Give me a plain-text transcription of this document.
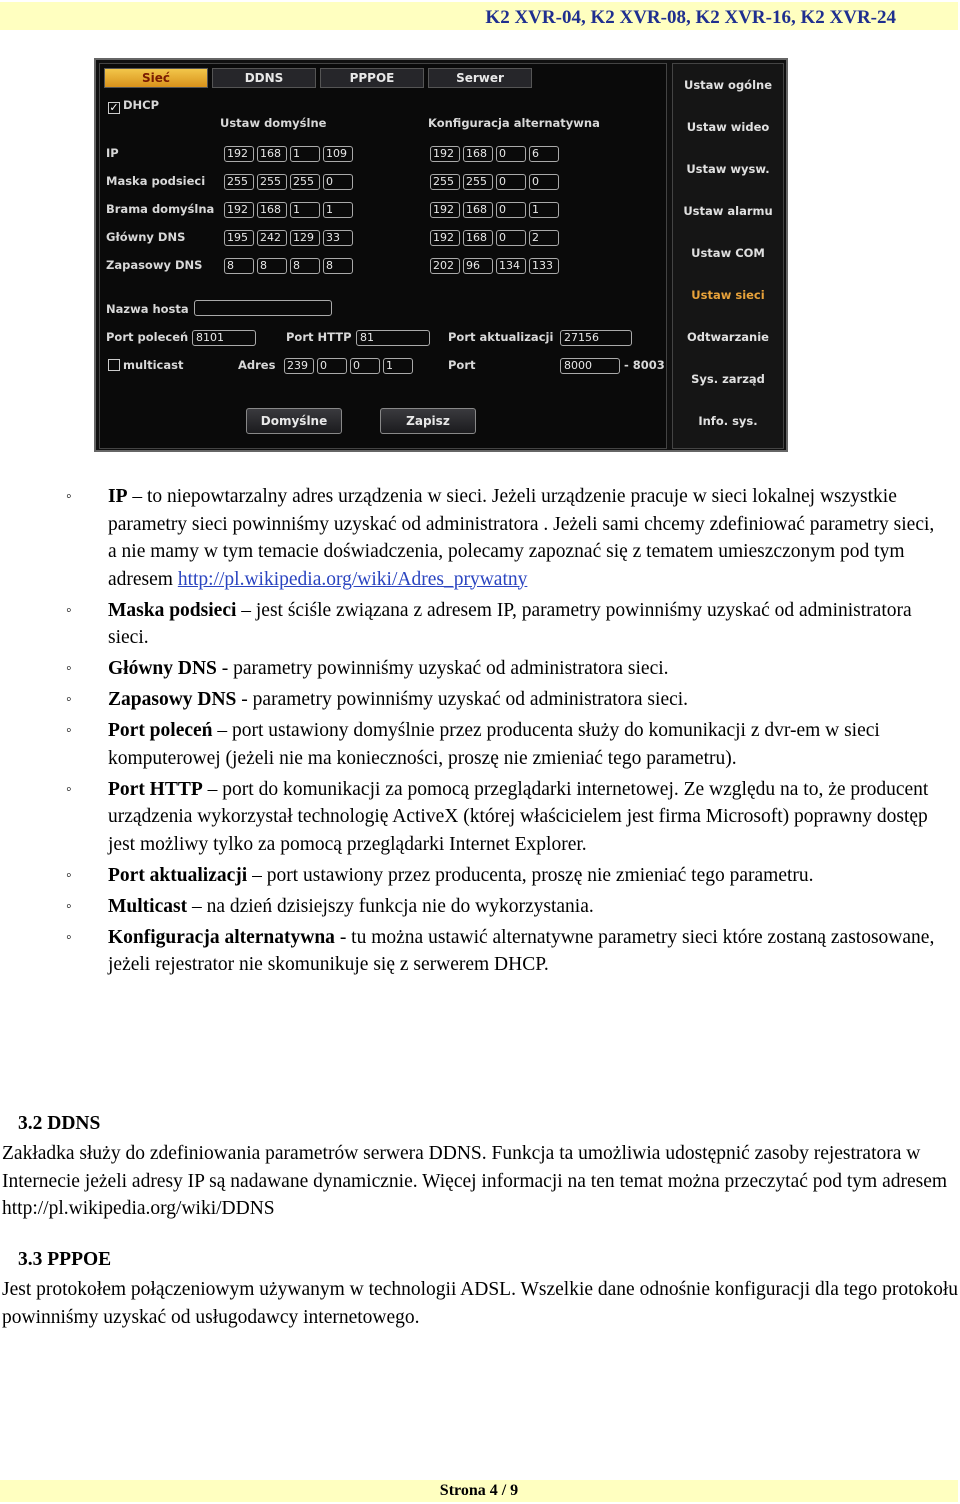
K2 XVR-04, K2 XVR-08, K2 XVR-16, K2 XVR-24
Sieć	DDNS	PPPOE	Serwer
✓DHCP
Ustaw domyślne	Konfiguracja alternatywna
IP	192	168	1	109	192	168	0	6
Maska podsieci 255	255	255	0	255	255	0	0
Brama domyślna 192	168	1	1	192	168	0	1
Główny DNS	195	242	129	33	192	168	0	2
Zapasowy DNS 8	8	8	8	202	96	134	133
Nazwa hosta
Port poleceń 8101	Port HTTP 81	Port aktualizacji 27156
multicast	Adres 239	0	0	1	Port	8000	- 8003
Domyślne	Zapisz
Ustaw ogólne
Ustaw wideo
Ustaw wysw.
Ustaw alarmu
Ustaw COM
Ustaw sieci
Odtwarzanie
Sys. zarząd
Info. sys.
◦ IP – to niepowtarzalny adres urządzenia w sieci. Jeżeli urządzenie pracuje w sieci lokalnej wszystkie parametry sieci powinniśmy uzyskać od administratora . Jeżeli sami chcemy zdefiniować parametry sieci, a nie mamy w tym temacie doświadczenia, polecamy zapoznać się z tematem umieszczonym pod tym adresem http://pl.wikipedia.org/wiki/Adres_prywatny
◦ Maska podsieci – jest ściśle związana z adresem IP, parametry powinniśmy uzyskać od administratora sieci.
◦ Główny DNS - parametry powinniśmy uzyskać od administratora sieci.
◦ Zapasowy DNS - parametry powinniśmy uzyskać od administratora sieci.
◦ Port poleceń – port ustawiony domyślnie przez producenta służy do komunikacji z dvr-em w sieci komputerowej (jeżeli nie ma konieczności, proszę nie zmieniać tego parametru).
◦ Port HTTP – port do komunikacji za pomocą przeglądarki internetowej. Ze względu na to, że producent urządzenia wykorzystał technologię ActiveX (której właścicielem jest firma Microsoft) poprawny dostęp jest możliwy tylko za pomocą przeglądarki Internet Explorer.
◦ Port aktualizacji – port ustawiony przez producenta, proszę nie zmieniać tego parametru.
◦ Multicast – na dzień dzisiejszy funkcja nie do wykorzystania.
◦ Konfiguracja alternatywna - tu można ustawić alternatywne parametry sieci które zostaną zastosowane, jeżeli rejestrator nie skomunikuje się z serwerem DHCP.
3.2 DDNS
Zakładka służy do zdefiniowania parametrów serwera DDNS. Funkcja ta umożliwia udostępnić zasoby rejestratora w Internecie jeżeli adresy IP są nadawane dynamicznie. Więcej informacji na ten temat można przeczytać pod tym adresem http://pl.wikipedia.org/wiki/DDNS
3.3 PPPOE
Jest protokołem połączeniowym używanym w technologii ADSL. Wszelkie dane odnośnie konfiguracji dla tego protokołu powinniśmy uzyskać od usługodawcy internetowego.
Strona 4 / 9
